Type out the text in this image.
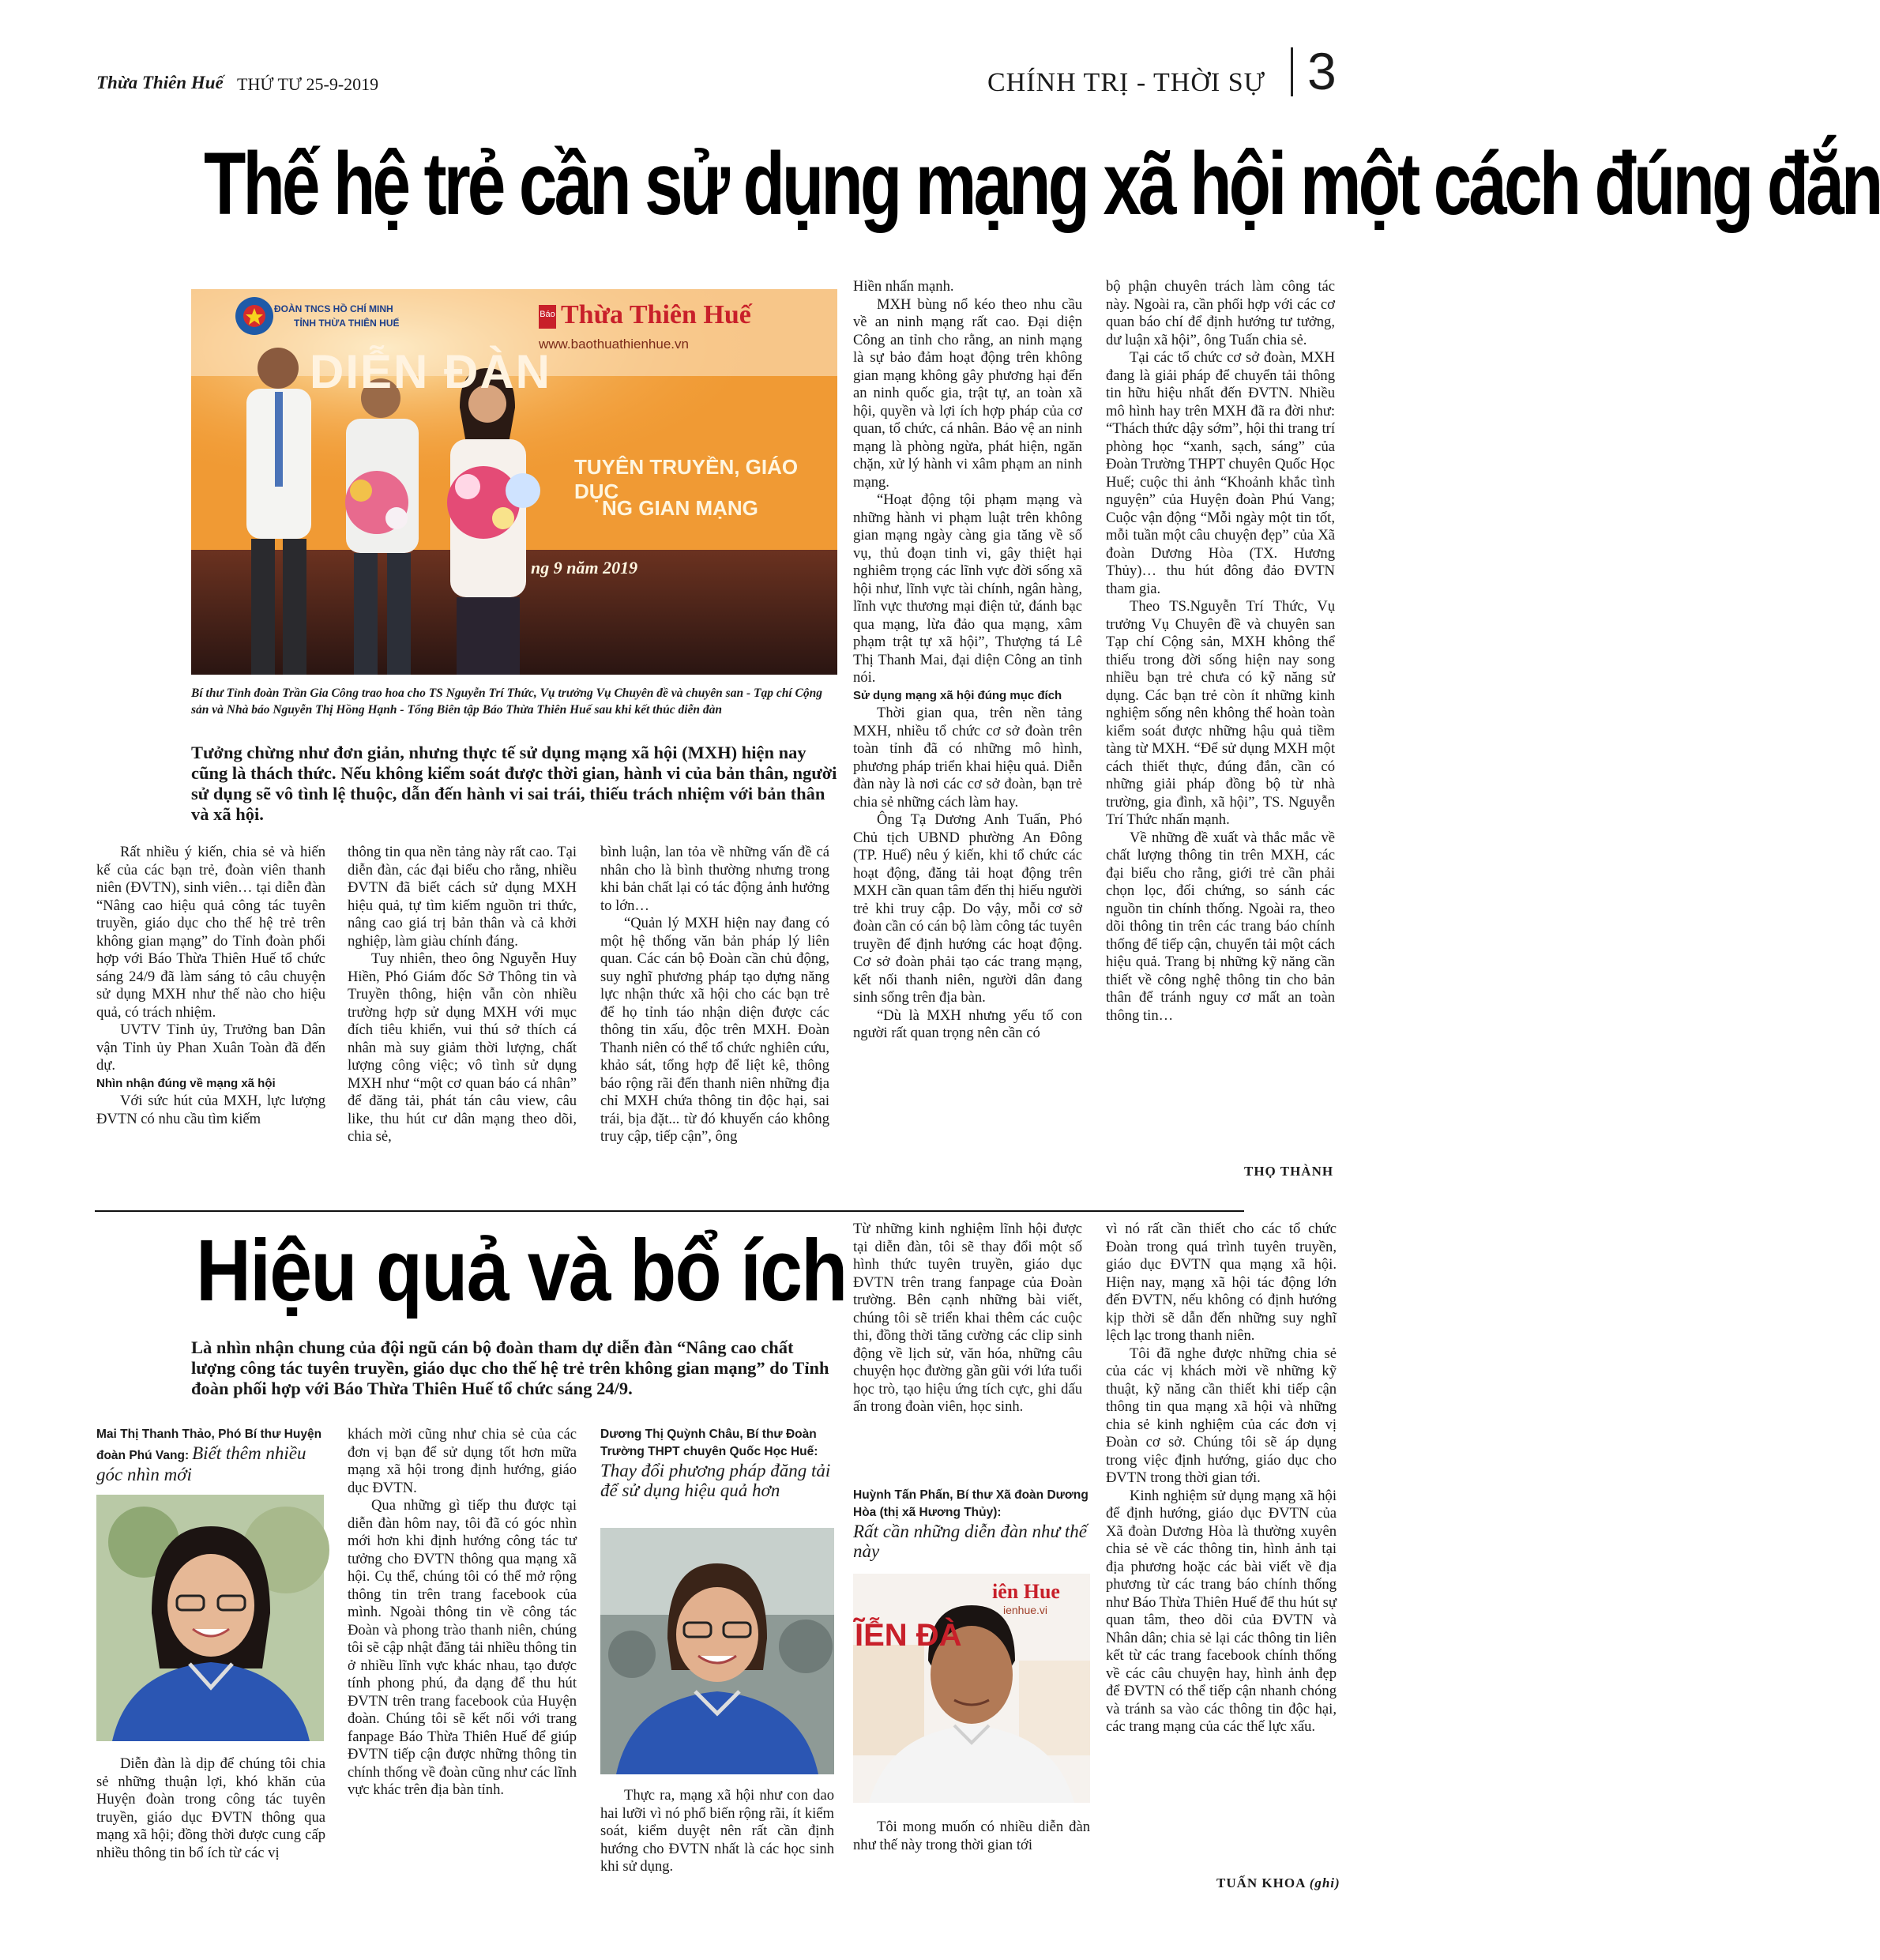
Thừa Thiên Huế THỨ TƯ 25-9-2019	CHÍNH TRỊ - THỜI SỰ 3
Thế hệ trẻ cần sử dụng mạng xã hội một cách đúng đắn
ĐOÀN TNCS HỒ CHÍ MINH
TỈNH THỪA THIÊN HUẾ
Báo Thừa Thiên Huế
www.baothuathienhue.vn
DIỄN ĐÀN
TUYÊN TRUYỀN, GIÁO DỤC
NG GIAN MẠNG
ng 9 năm 2019
Bí thư Tỉnh đoàn Trần Gia Công trao hoa cho TS Nguyễn Trí Thức, Vụ trưởng Vụ Chuyên đề và chuyên san - Tạp chí Cộng sản và Nhà báo Nguyễn Thị Hồng Hạnh - Tổng Biên tập Báo Thừa Thiên Huế sau khi kết thúc diễn đàn
Tưởng chừng như đơn giản, nhưng thực tế sử dụng mạng xã hội (MXH) hiện nay cũng là thách thức. Nếu không kiểm soát được thời gian, hành vi của bản thân, người sử dụng sẽ vô tình lệ thuộc, dẫn đến hành vi sai trái, thiếu trách nhiệm với bản thân và xã hội.

Rất nhiều ý kiến, chia sẻ và hiến kế của các bạn trẻ, đoàn viên thanh niên (ĐVTN), sinh viên… tại diễn đàn “Nâng cao hiệu quả công tác tuyên truyền, giáo dục cho thế hệ trẻ trên không gian mạng” do Tỉnh đoàn phối hợp với Báo Thừa Thiên Huế tổ chức sáng 24/9 đã làm sáng tỏ câu chuyện sử dụng MXH như thế nào cho hiệu quả, có trách nhiệm.

UVTV Tỉnh ủy, Trưởng ban Dân vận Tỉnh ủy Phan Xuân Toàn đã đến dự.

Nhìn nhận đúng về mạng xã hội

Với sức hút của MXH, lực lượng ĐVTN có nhu cầu tìm kiếm

thông tin qua nền tảng này rất cao. Tại diễn đàn, các đại biểu cho rằng, nhiều ĐVTN đã biết cách sử dụng MXH hiệu quả, tự tìm kiếm nguồn tri thức, nâng cao giá trị bản thân và cả khởi nghiệp, làm giàu chính đáng.

Tuy nhiên, theo ông Nguyễn Huy Hiền, Phó Giám đốc Sở Thông tin và Truyền thông, hiện vẫn còn nhiều trường hợp sử dụng MXH với mục đích tiêu khiển, vui thú sở thích cá nhân mà suy giảm thời lượng, chất lượng công việc; vô tình sử dụng MXH như “một cơ quan báo cá nhân” để đăng tải, phát tán câu view, câu like, thu hút cư dân mạng theo dõi, chia sẻ,

bình luận, lan tỏa về những vấn đề cá nhân cho là bình thường nhưng trong khi bản chất lại có tác động ảnh hưởng to lớn…

“Quản lý MXH hiện nay đang có một hệ thống văn bản pháp lý liên quan. Các cán bộ Đoàn cần chủ động, suy nghĩ phương pháp tạo dựng năng lực nhận thức xã hội cho các bạn trẻ để họ tỉnh táo nhận diện được các thông tin xấu, độc trên MXH. Đoàn Thanh niên có thể tổ chức nghiên cứu, khảo sát, tổng hợp để liệt kê, thông báo rộng rãi đến thanh niên những địa chỉ MXH chứa thông tin độc hại, sai trái, bịa đặt... từ đó khuyến cáo không truy cập, tiếp cận”, ông

Hiền nhấn mạnh.

MXH bùng nổ kéo theo nhu cầu về an ninh mạng rất cao. Đại diện Công an tỉnh cho rằng, an ninh mạng là sự bảo đảm hoạt động trên không gian mạng không gây phương hại đến an ninh quốc gia, trật tự, an toàn xã hội, quyền và lợi ích hợp pháp của cơ quan, tổ chức, cá nhân. Bảo vệ an ninh mạng là phòng ngừa, phát hiện, ngăn chặn, xử lý hành vi xâm phạm an ninh mạng.

“Hoạt động tội phạm mạng và những hành vi phạm luật trên không gian mạng ngày càng gia tăng về số vụ, thủ đoạn tinh vi, gây thiệt hại nghiêm trọng các lĩnh vực đời sống xã hội như, lĩnh vực tài chính, ngân hàng, lĩnh vực thương mại điện tử, đánh bạc qua mạng, lừa đảo qua mạng, xâm phạm trật tự xã hội”, Thượng tá Lê Thị Thanh Mai, đại diện Công an tỉnh nói.

Sử dụng mạng xã hội đúng mục đích

Thời gian qua, trên nền tảng MXH, nhiều tổ chức cơ sở đoàn trên toàn tỉnh đã có những mô hình, phương pháp triển khai hiệu quả. Diễn đàn này là nơi các cơ sở đoàn, bạn trẻ chia sẻ những cách làm hay.

Ông Tạ Dương Anh Tuấn, Phó Chủ tịch UBND phường An Đông (TP. Huế) nêu ý kiến, khi tổ chức các hoạt động, đăng tải hoạt động trên MXH cần quan tâm đến thị hiếu người trẻ khi truy cập. Do vậy, mỗi cơ sở đoàn cần có cán bộ làm công tác tuyên truyền để định hướng các hoạt động. Cơ sở đoàn phải tạo các trang mạng, kết nối thanh niên, người dân đang sinh sống trên địa bàn.

“Dù là MXH nhưng yếu tố con người rất quan trọng nên cần có

bộ phận chuyên trách làm công tác này. Ngoài ra, cần phối hợp với các cơ quan báo chí để định hướng tư tưởng, dư luận xã hội”, ông Tuấn chia sẻ.

Tại các tổ chức cơ sở đoàn, MXH đang là giải pháp để chuyển tải thông tin hữu hiệu nhất đến ĐVTN. Nhiều mô hình hay trên MXH đã ra đời như: “Thách thức dậy sớm”, hội thi trang trí phòng học “xanh, sạch, sáng” của Đoàn Trường THPT chuyên Quốc Học Huế; cuộc thi ảnh “Khoảnh khắc tình nguyện” của Huyện đoàn Phú Vang; Cuộc vận động “Mỗi ngày một tin tốt, mỗi tuần một câu chuyện đẹp” của Xã đoàn Dương Hòa (TX. Hương Thủy)… thu hút đông đảo ĐVTN tham gia.

Theo TS.Nguyễn Trí Thức, Vụ trưởng Vụ Chuyên đề và chuyên san Tạp chí Cộng sản, MXH không thể thiếu trong đời sống hiện nay song nhiều bạn trẻ chưa có kỹ năng sử dụng. Các bạn trẻ còn ít những kinh nghiệm sống nên không thể hoàn toàn kiểm soát được những hậu quả tiềm tàng từ MXH. “Để sử dụng MXH một cách thiết thực, đúng đắn, cần có những giải pháp đồng bộ từ nhà trường, gia đình, xã hội”, TS. Nguyễn Trí Thức nhấn mạnh.

Về những đề xuất và thắc mắc về chất lượng thông tin trên MXH, các đại biểu cho rằng, giới trẻ cần phải chọn lọc, đối chứng, so sánh các nguồn tin chính thống. Ngoài ra, theo dõi thông tin trên các trang báo chính thống để tiếp cận, chuyển tải một cách hiệu quả. Trang bị những kỹ năng cần thiết về công nghệ thông tin cho bản thân để tránh nguy cơ mất an toàn thông tin…

THỌ THÀNH
Hiệu quả và bổ ích
Là nhìn nhận chung của đội ngũ cán bộ đoàn tham dự diễn đàn “Nâng cao chất lượng công tác tuyên truyền, giáo dục cho thế hệ trẻ trên không gian mạng” do Tỉnh đoàn phối hợp với Báo Thừa Thiên Huế tổ chức sáng 24/9.
Mai Thị Thanh Thảo, Phó Bí thư Huyện đoàn Phú Vang: Biết thêm nhiều góc nhìn mới

Diễn đàn là dịp để chúng tôi chia sẻ những thuận lợi, khó khăn của Huyện đoàn trong công tác tuyên truyền, giáo dục ĐVTN thông qua mạng xã hội; đồng thời được cung cấp nhiều thông tin bổ ích từ các vị

khách mời cũng như chia sẻ của các đơn vị bạn để sử dụng tốt hơn mữa mạng xã hội trong định hướng, giáo dục ĐVTN.

Qua những gì tiếp thu được tại diễn đàn hôm nay, tôi đã có góc nhìn mới hơn khi định hướng công tác tư tưởng cho ĐVTN thông qua mạng xã hội. Cụ thể, chúng tôi có thể mở rộng thông tin trên trang facebook của mình. Ngoài thông tin về công tác Đoàn và phong trào thanh niên, chúng tôi sẽ cập nhật đăng tải nhiều thông tin ở nhiều lĩnh vực khác nhau, tạo được tính phong phú, đa dạng để thu hút ĐVTN trên trang facebook của Huyện đoàn. Chúng tôi sẽ kết nối với trang fanpage Báo Thừa Thiên Huế để giúp ĐVTN tiếp cận được những thông tin chính thống về đoàn cũng như các lĩnh vực khác trên địa bàn tỉnh.

Dương Thị Quỳnh Châu, Bí thư Đoàn Trường THPT chuyên Quốc Học Huế:
Thay đổi phương pháp đăng tải để sử dụng hiệu quả hơn

Thực ra, mạng xã hội như con dao hai lưỡi vì nó phổ biến rộng rãi, ít kiểm soát, kiểm duyệt nên rất cần định hướng cho ĐVTN nhất là các học sinh khi sử dụng.

Từ những kinh nghiệm lĩnh hội được tại diễn đàn, tôi sẽ thay đổi một số hình thức tuyên truyền, giáo dục ĐVTN trên trang fanpage của Đoàn trường. Bên cạnh những bài viết, chúng tôi sẽ triển khai thêm các cuộc thi, đồng thời tăng cường các clip sinh động về lịch sử, văn hóa, những câu chuyện học đường gần gũi với lứa tuổi học trò, tạo hiệu ứng tích cực, ghi dấu ấn trong đoàn viên, học sinh.

Huỳnh Tấn Phấn, Bí thư Xã đoàn Dương Hòa (thị xã Hương Thủy):
Rất cần những diễn đàn như thế này
iên Hue
ienhue.vi
ĨỄN ĐÀ

Tôi mong muốn có nhiều diễn đàn như thế này trong thời gian tới

vì nó rất cần thiết cho các tổ chức Đoàn trong quá trình tuyên truyền, giáo dục ĐVTN qua mạng xã hội. Hiện nay, mạng xã hội tác động lớn đến ĐVTN, nếu không có định hướng kịp thời sẽ dẫn đến những suy nghĩ lệch lạc trong thanh niên.

Tôi đã nghe được những chia sẻ của các vị khách mời về những kỹ thuật, kỹ năng cần thiết khi tiếp cận thông tin qua mạng xã hội và những chia sẻ kinh nghiệm của các đơn vị Đoàn cơ sở. Chúng tôi sẽ áp dụng trong việc định hướng, giáo dục cho ĐVTN trong thời gian tới.

Kinh nghiệm sử dụng mạng xã hội để định hướng, giáo dục ĐVTN của Xã đoàn Dương Hòa là thường xuyên chia sẻ về các thông tin, hình ảnh tại địa phương hoặc các bài viết về địa phương từ các trang báo chính thống như Báo Thừa Thiên Huế để thu hút sự quan tâm, theo dõi của ĐVTN và Nhân dân; chia sẻ lại các thông tin liên kết từ các trang facebook chính thống về các câu chuyện hay, hình ảnh đẹp để ĐVTN có thể tiếp cận nhanh chóng và tránh sa vào các thông tin độc hại, các trang mạng của các thế lực xấu.

TUẤN KHOA (ghi)
